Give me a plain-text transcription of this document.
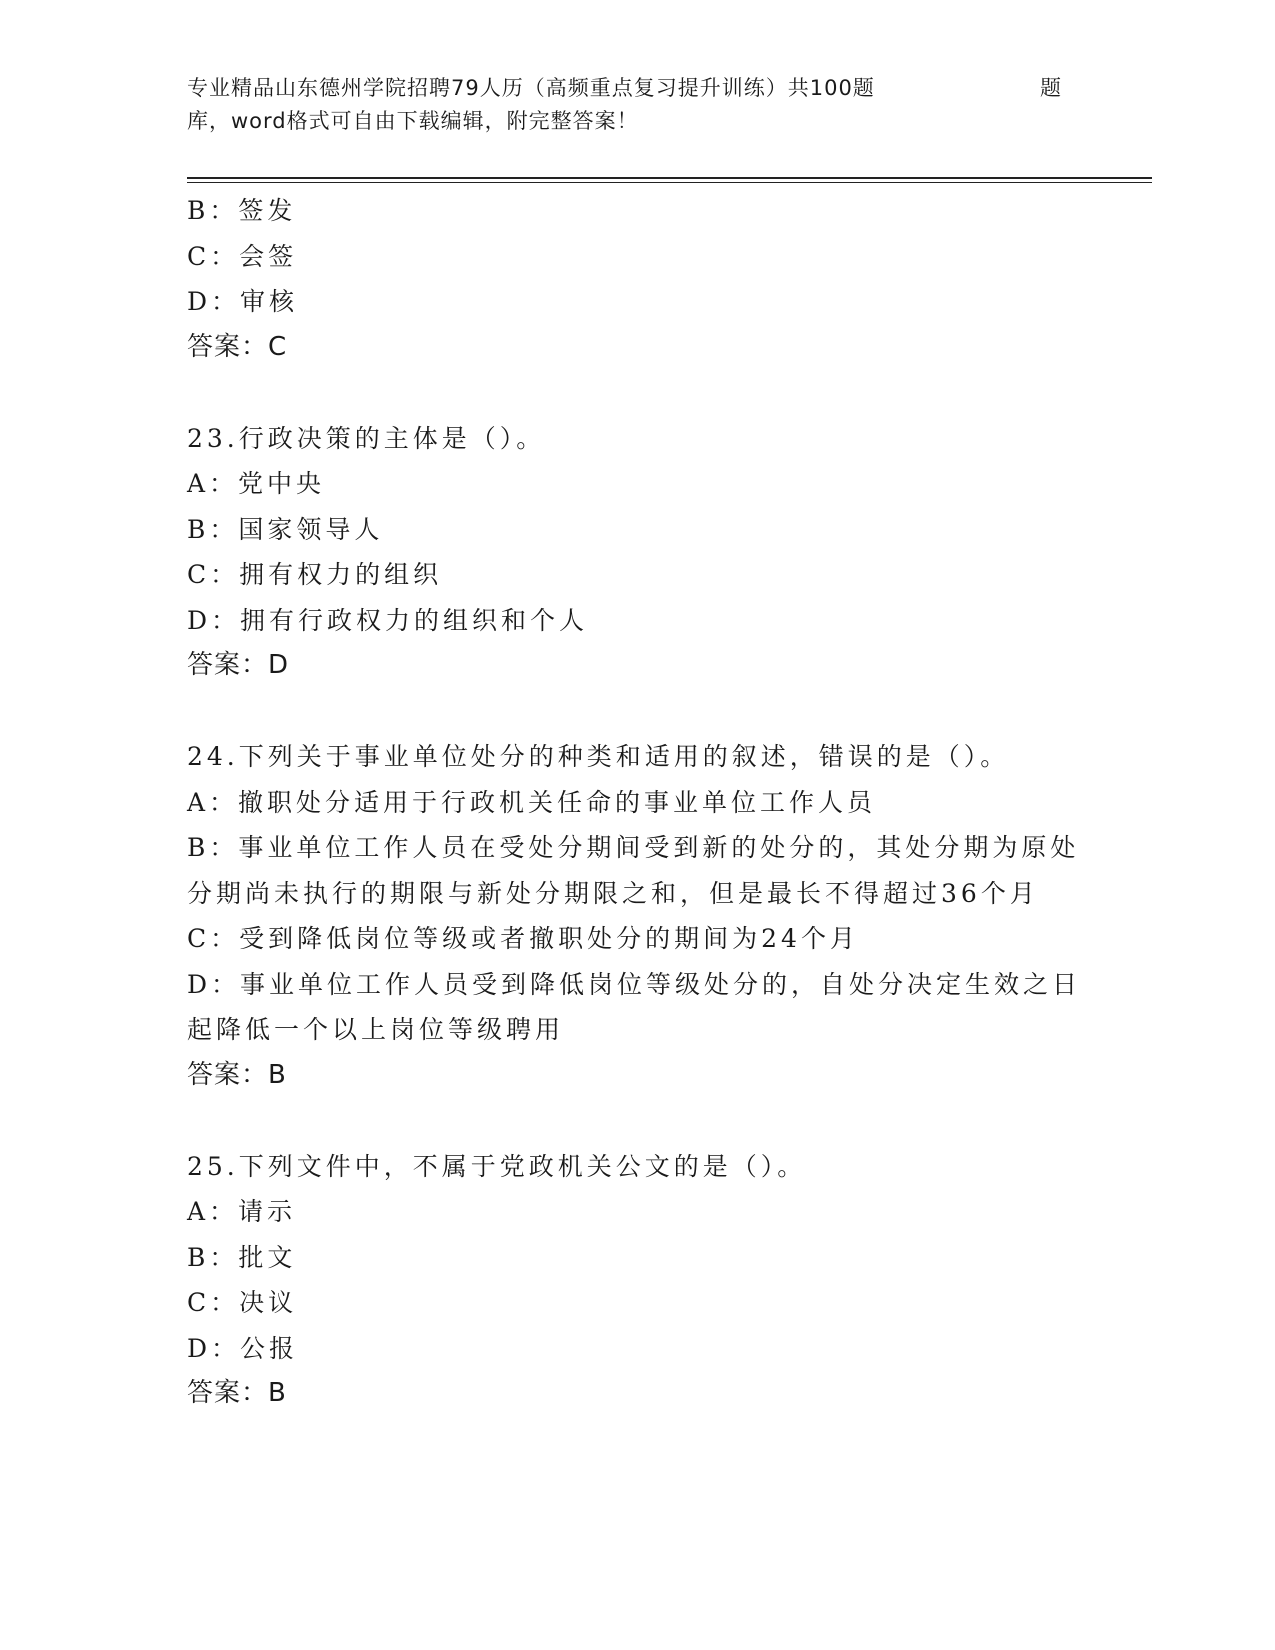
专业精品山东德州学院招聘79人历（高频重点复习提升训练）共100题
库，word格式可自由下载编辑，附完整答案！
题
B：签发
C：会签
D：审核
答案：C
23.行政决策的主体是（）。
A：党中央
B：国家领导人
C：拥有权力的组织
D：拥有行政权力的组织和个人
答案：D
24.下列关于事业单位处分的种类和适用的叙述，错误的是（）。
A：撤职处分适用于行政机关任命的事业单位工作人员
B：事业单位工作人员在受处分期间受到新的处分的，其处分期为原处
分期尚未执行的期限与新处分期限之和，但是最长不得超过36个月
C：受到降低岗位等级或者撤职处分的期间为24个月
D：事业单位工作人员受到降低岗位等级处分的，自处分决定生效之日
起降低一个以上岗位等级聘用
答案：B
25.下列文件中，不属于党政机关公文的是（）。
A：请示
B：批文
C：决议
D：公报
答案：B
